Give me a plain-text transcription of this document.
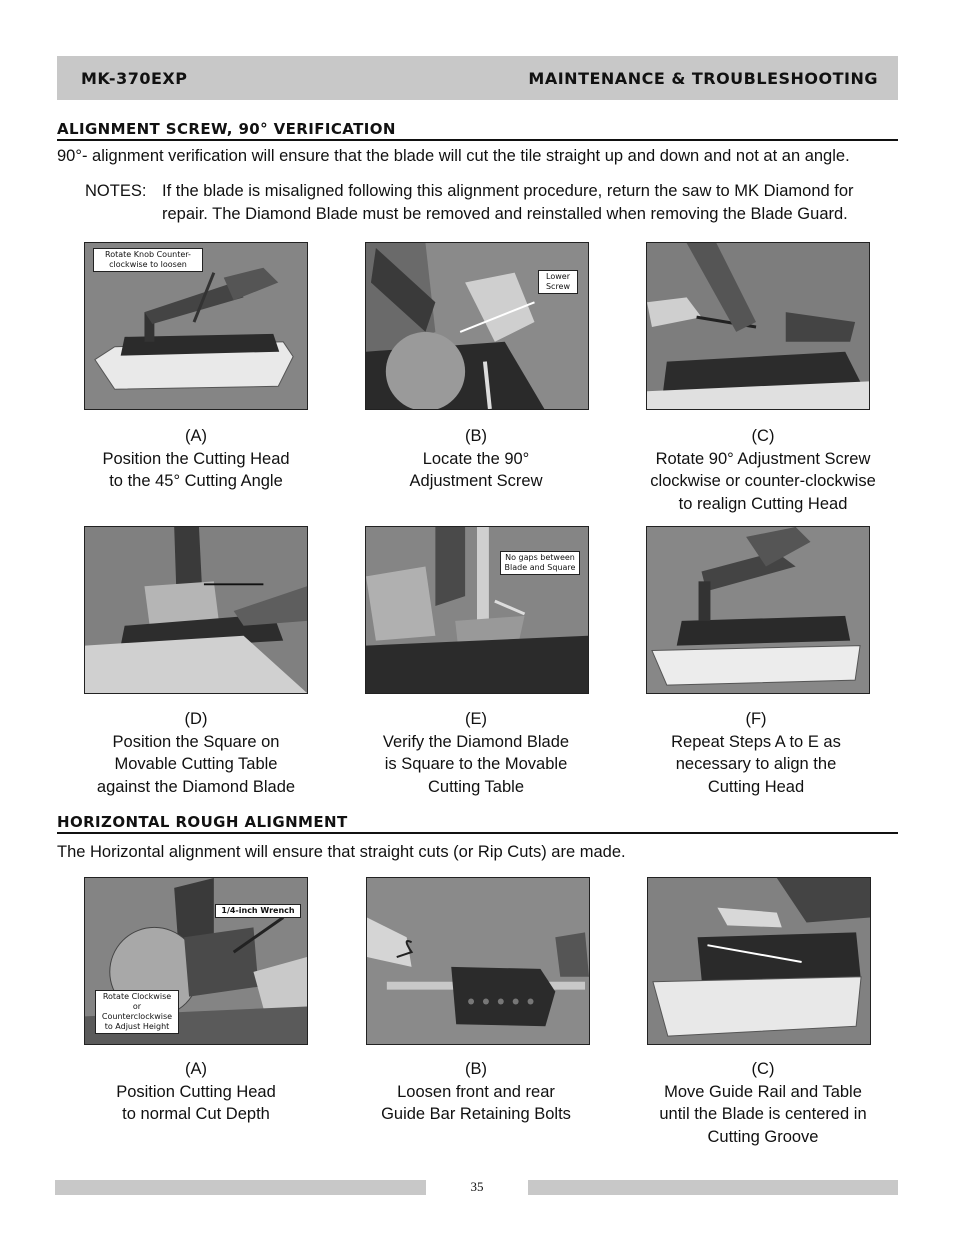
MK-370EXP	MAINTENANCE & TROUBLESHOOTING
ALIGNMENT SCREW, 90° VERIFICATION
90°- alignment verification will ensure that the blade will cut the tile straight up and down and not at an angle.
NOTES: If the blade is misaligned following this alignment procedure, return the saw to MK Diamond for
repair. The Diamond Blade must be removed and reinstalled when removing the Blade Guard.
Rotate Knob Counter-clockwise to loosen
Lower Screw
(A)
Position the Cutting Head
to the 45° Cutting Angle
(B)
Locate the 90°
Adjustment Screw
(C)
Rotate 90° Adjustment Screw
clockwise or counter-clockwise
to realign Cutting Head
No gaps between Blade and Square
(D)
Position the Square on
Movable Cutting Table
against the Diamond Blade
(E)
Verify the Diamond Blade
is Square to the Movable
Cutting Table
(F)
Repeat Steps A to E as
necessary to align the
Cutting Head
HORIZONTAL ROUGH ALIGNMENT
The Horizontal alignment will ensure that straight cuts (or Rip Cuts) are made.
1/4-inch Wrench
Rotate Clockwise or Counterclockwise to Adjust Height
(A)
Position Cutting Head
to normal Cut Depth
(B)
Loosen front and rear
Guide Bar Retaining Bolts
(C)
Move Guide Rail and Table
until the Blade is centered in
Cutting Groove
35
